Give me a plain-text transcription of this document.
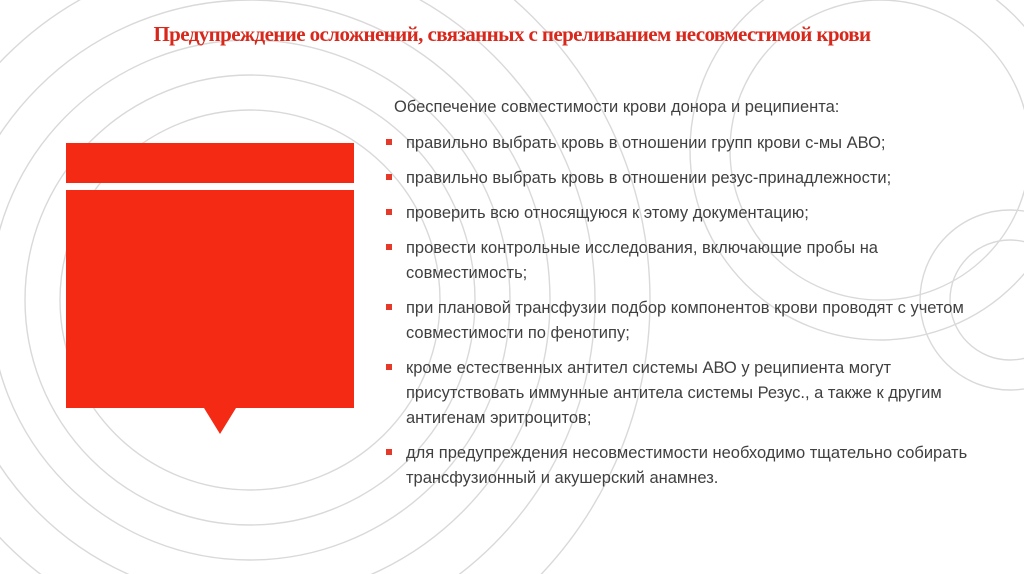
Предупреждение осложнений, связанных с переливанием несовместимой крови

Обеспечение совместимости крови донора и реципиента:

правильно выбрать кровь в отношении групп крови с-мы АВО;
правильно выбрать кровь в отношении резус-принадлежности;
проверить всю относящуюся к этому документацию;
провести контрольные исследования, включающие пробы на совместимость;
при плановой трансфузии подбор компонентов крови проводят с учетом совместимости по фенотипу;
кроме естественных антител системы АВО у реципиента могут присутствовать иммунные антитела системы Резус., а также к другим антигенам эритроцитов;
для предупреждения несовместимости необходимо тщательно собирать трансфузионный и акушерский анамнез.
